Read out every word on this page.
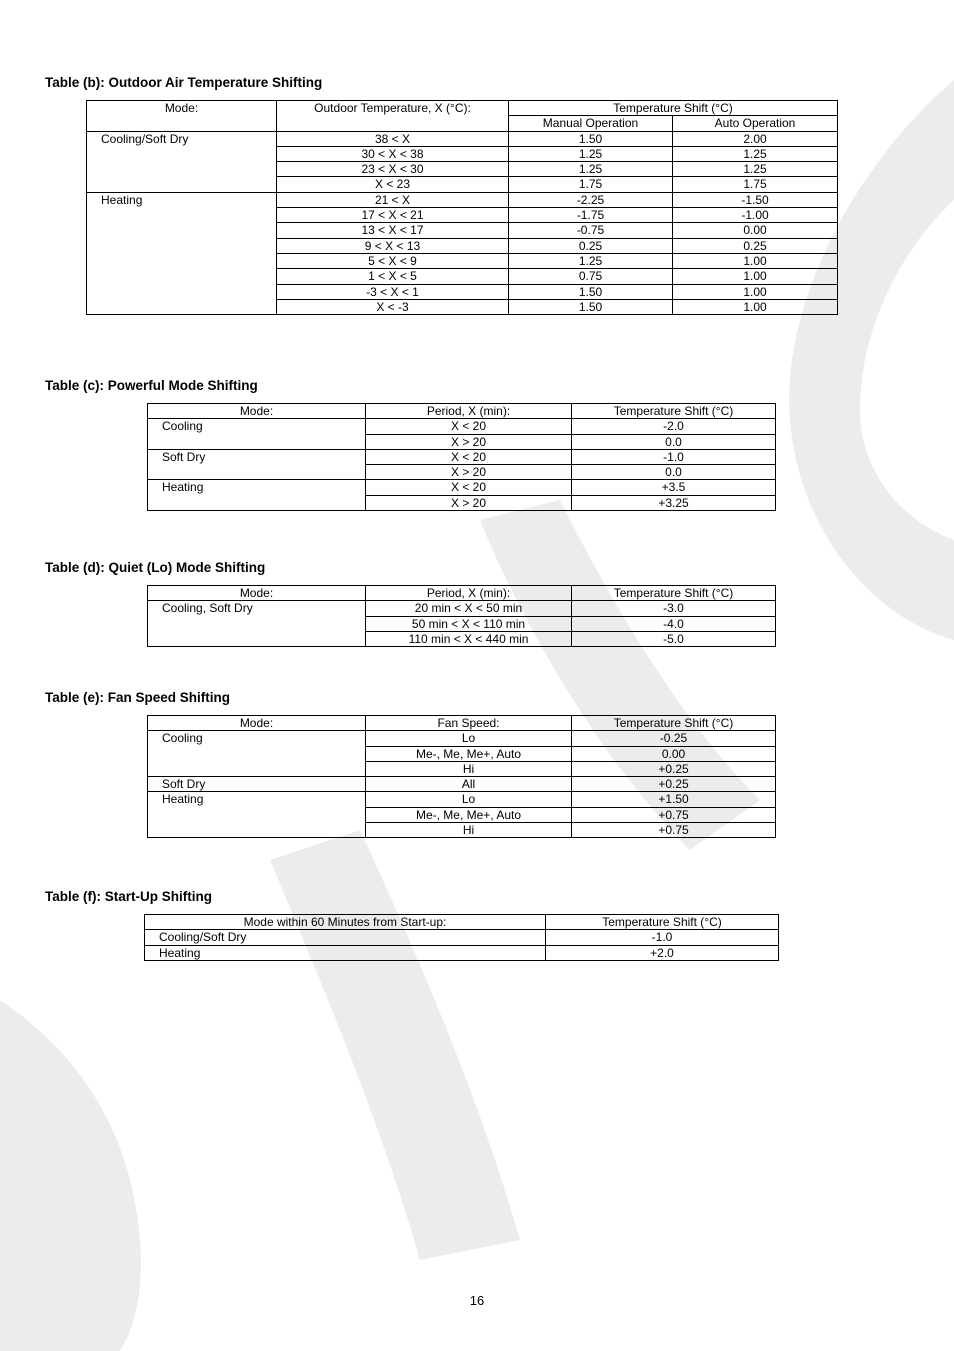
Table (b): Outdoor Air Temperature Shifting
Mode:	Outdoor Temperature, X (°C):	Temperature Shift (°C)	
		Manual Operation	Auto Operation
Cooling/Soft Dry	38 < X	1.50	2.00
	30 < X < 38	1.25	1.25
	23 < X < 30	1.25	1.25
	X < 23	1.75	1.75
Heating	21 < X	-2.25	-1.50
	17 < X < 21	-1.75	-1.00
	13 < X < 17	-0.75	0.00
	9 < X < 13	0.25	0.25
	5 < X < 9	1.25	1.00
	1 < X < 5	0.75	1.00
	-3 < X < 1	1.50	1.00
	X < -3	1.50	1.00
Table (c): Powerful Mode Shifting
Mode:	Period, X (min):	Temperature Shift (°C)
Cooling	X < 20	-2.0
	X > 20	0.0
Soft Dry	X < 20	-1.0
	X > 20	0.0
Heating	X < 20	+3.5
	X > 20	+3.25
Table (d): Quiet (Lo) Mode Shifting
Mode:	Period, X (min):	Temperature Shift (°C)
Cooling, Soft Dry	20 min < X < 50 min	-3.0
	50 min < X < 110 min	-4.0
	110 min < X < 440 min	-5.0
Table (e): Fan Speed Shifting
Mode:	Fan Speed:	Temperature Shift (°C)
Cooling	Lo	-0.25
	Me-, Me, Me+, Auto	0.00
	Hi	+0.25
Soft Dry	All	+0.25
Heating	Lo	+1.50
	Me-, Me, Me+, Auto	+0.75
	Hi	+0.75
Table (f): Start-Up Shifting
Mode within 60 Minutes from Start-up:	Temperature Shift (°C)
Cooling/Soft Dry	-1.0
Heating	+2.0
16
